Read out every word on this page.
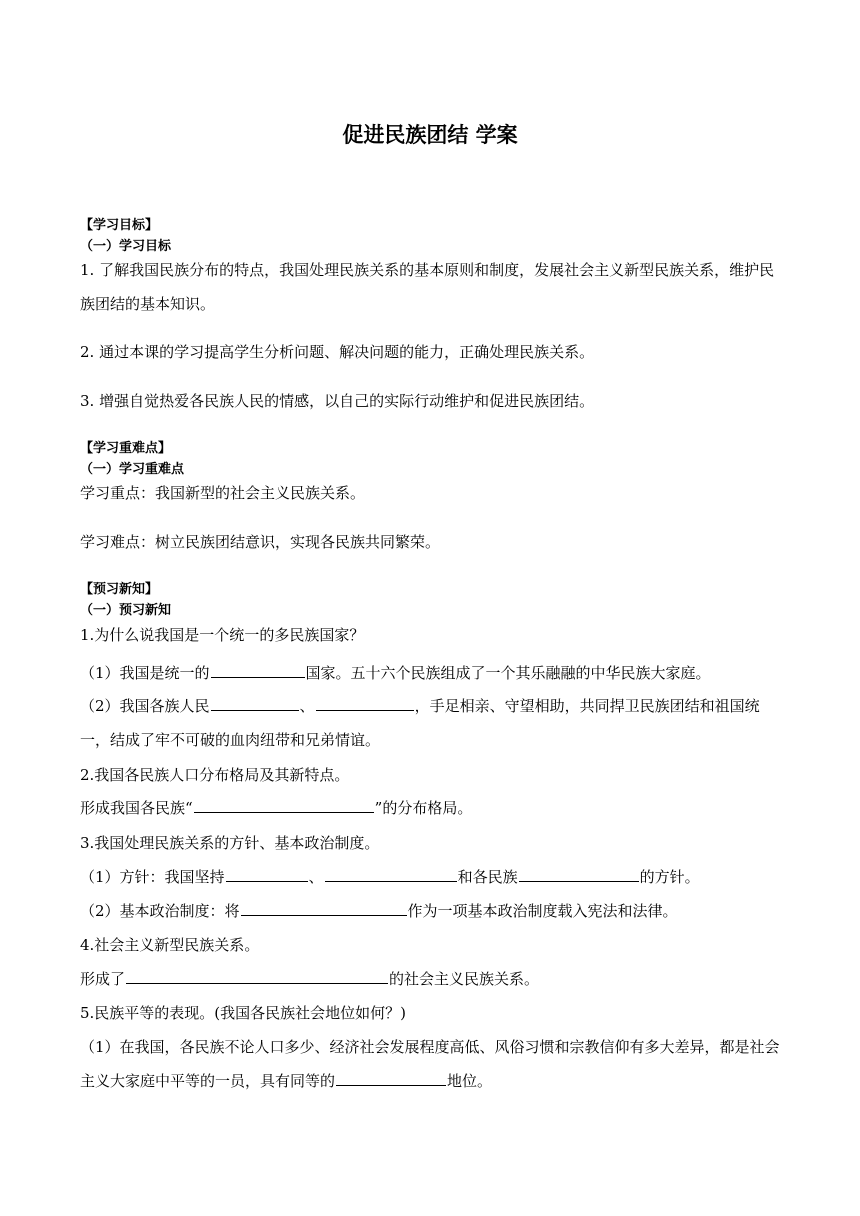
促进民族团结 学案
【学习目标】
（一）学习目标
1. 了解我国民族分布的特点，我国处理民族关系的基本原则和制度，发展社会主义新型民族关系，维护民族团结的基本知识。
2. 通过本课的学习提高学生分析问题、解决问题的能力，正确处理民族关系。
3. 增强自觉热爱各民族人民的情感，以自己的实际行动维护和促进民族团结。
【学习重难点】
（一）学习重难点
学习重点：我国新型的社会主义民族关系。
学习难点：树立民族团结意识，实现各民族共同繁荣。
【预习新知】
（一）预习新知
1.为什么说我国是一个统一的多民族国家？
（1）我国是统一的	国家。五十六个民族组成了一个其乐融融的中华民族大家庭。
（2）我国各族人民	、	，手足相亲、守望相助，共同捍卫民族团结和祖国统一，结成了牢不可破的血肉纽带和兄弟情谊。
2.我国各民族人口分布格局及其新特点。
形成我国各民族“	”的分布格局。
3.我国处理民族关系的方针、基本政治制度。
（1）方针：我国坚持	、	和各民族	的方针。
（2）基本政治制度：将	作为一项基本政治制度载入宪法和法律。
4.社会主义新型民族关系。
形成了	的社会主义民族关系。
5.民族平等的表现。(我国各民族社会地位如何？)
（1）在我国，各民族不论人口多少、经济社会发展程度高低、风俗习惯和宗教信仰有多大差异，都是社会主义大家庭中平等的一员，具有同等的	地位。
